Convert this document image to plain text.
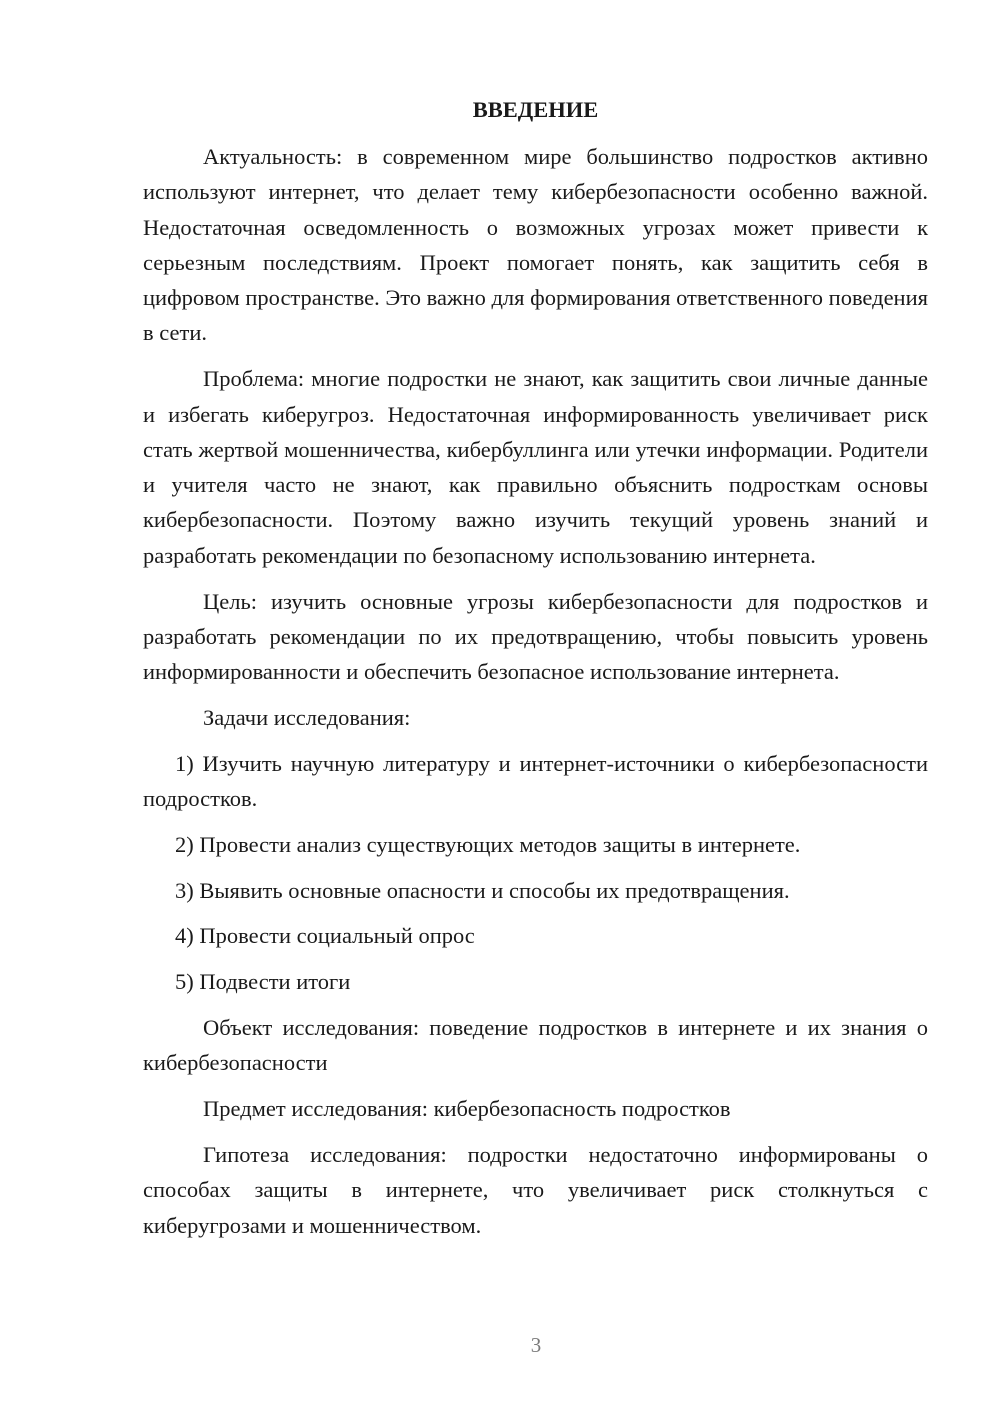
ВВЕДЕНИЕ

Актуальность: в современном мире большинство подростков активно используют интернет, что делает тему кибербезопасности особенно важной. Недостаточная осведомленность о возможных угрозах может привести к серьезным последствиям. Проект помогает понять, как защитить себя в цифровом пространстве. Это важно для формирования ответственного поведения в сети.

Проблема: многие подростки не знают, как защитить свои личные данные и избегать киберугроз. Недостаточная информированность увеличивает риск стать жертвой мошенничества, кибербуллинга или утечки информации. Родители и учителя часто не знают, как правильно объяснить подросткам основы кибербезопасности. Поэтому важно изучить текущий уровень знаний и разработать рекомендации по безопасному использованию интернета.

Цель: изучить основные угрозы кибербезопасности для подростков и разработать рекомендации по их предотвращению, чтобы повысить уровень информированности и обеспечить безопасное использование интернета.

Задачи исследования:

1) Изучить научную литературу и интернет-источники о кибербезопасности подростков.

2) Провести анализ существующих методов защиты в интернете.

3) Выявить основные опасности и способы их предотвращения.

4) Провести социальный опрос

5) Подвести итоги

Объект исследования: поведение подростков в интернете и их знания о кибербезопасности

Предмет исследования: кибербезопасность подростков

Гипотеза исследования: подростки недостаточно информированы о способах защиты в интернете, что увеличивает риск столкнуться с киберугрозами и мошенничеством.

3
